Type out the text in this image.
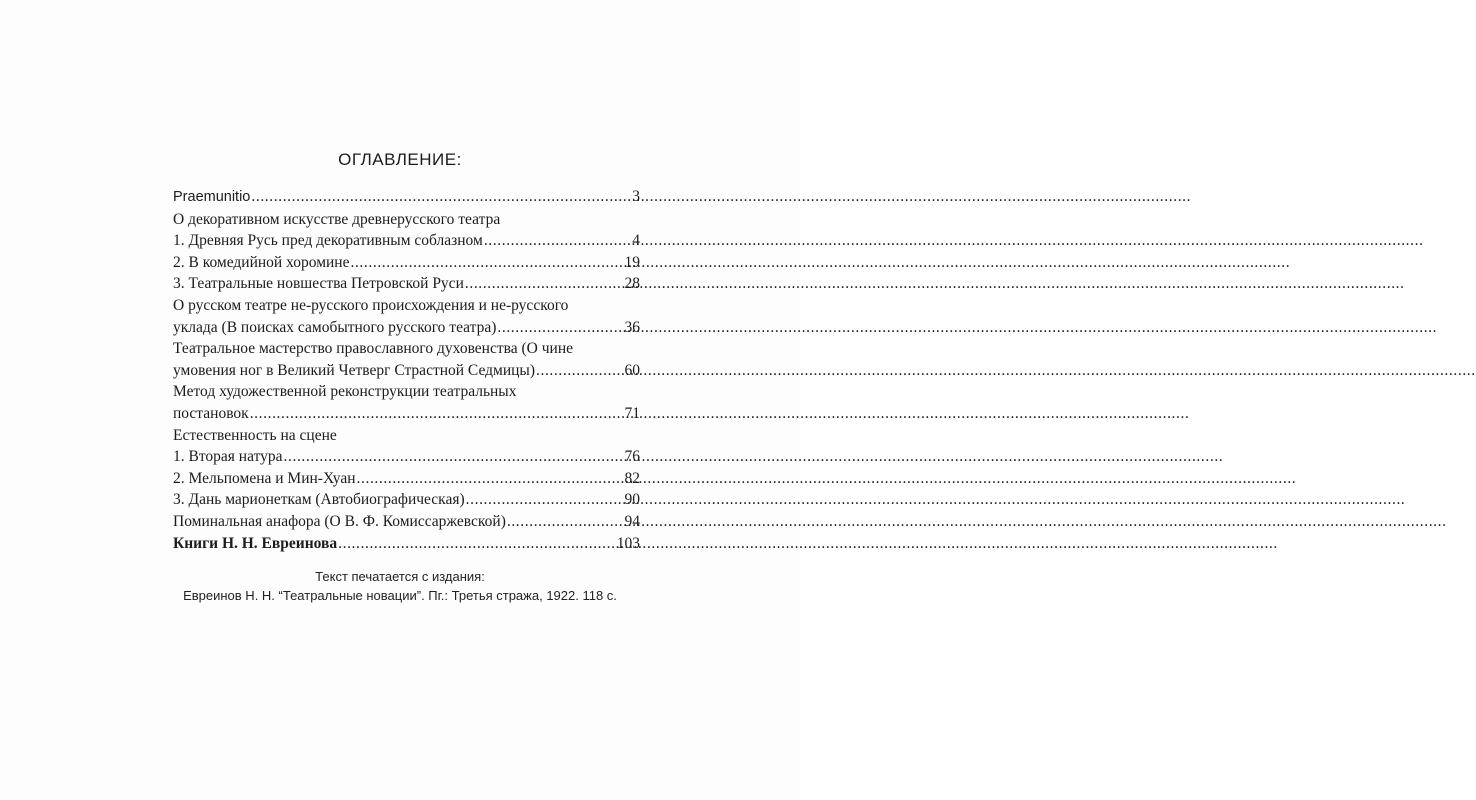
ОГЛАВЛЕНИЕ:
Praemunitio .....	3
О декоративном искусстве древнерусского театра
1. Древняя Русь пред декоративным соблазном .....	4
2. В комедийной хоромине .....	19
3. Театральные новшества Петровской Руси .....	28
О русском театре не-русского происхождения и не-русского
уклада (В поисках самобытного русского театра) .....	36
Театральное мастерство православного духовенства (О чине
умовения ног в Великий Четверг Страстной Седмицы) .....	60
Метод художественной реконструкции театральных
постановок .....	71
Естественность на сцене
1. Вторая натура .....	76
2. Мельпомена и Мин-Хуан .....	82
3. Дань марионеткам (Автобиографическая) .....	90
Поминальная анафора (О В. Ф. Комиссаржевской) .....	94
Книги Н. Н. Евреинова .....	103
Текст печатается с издания:
Евреинов Н. Н. “Театральные новации”. Пг.: Третья стража, 1922. 118 с.
